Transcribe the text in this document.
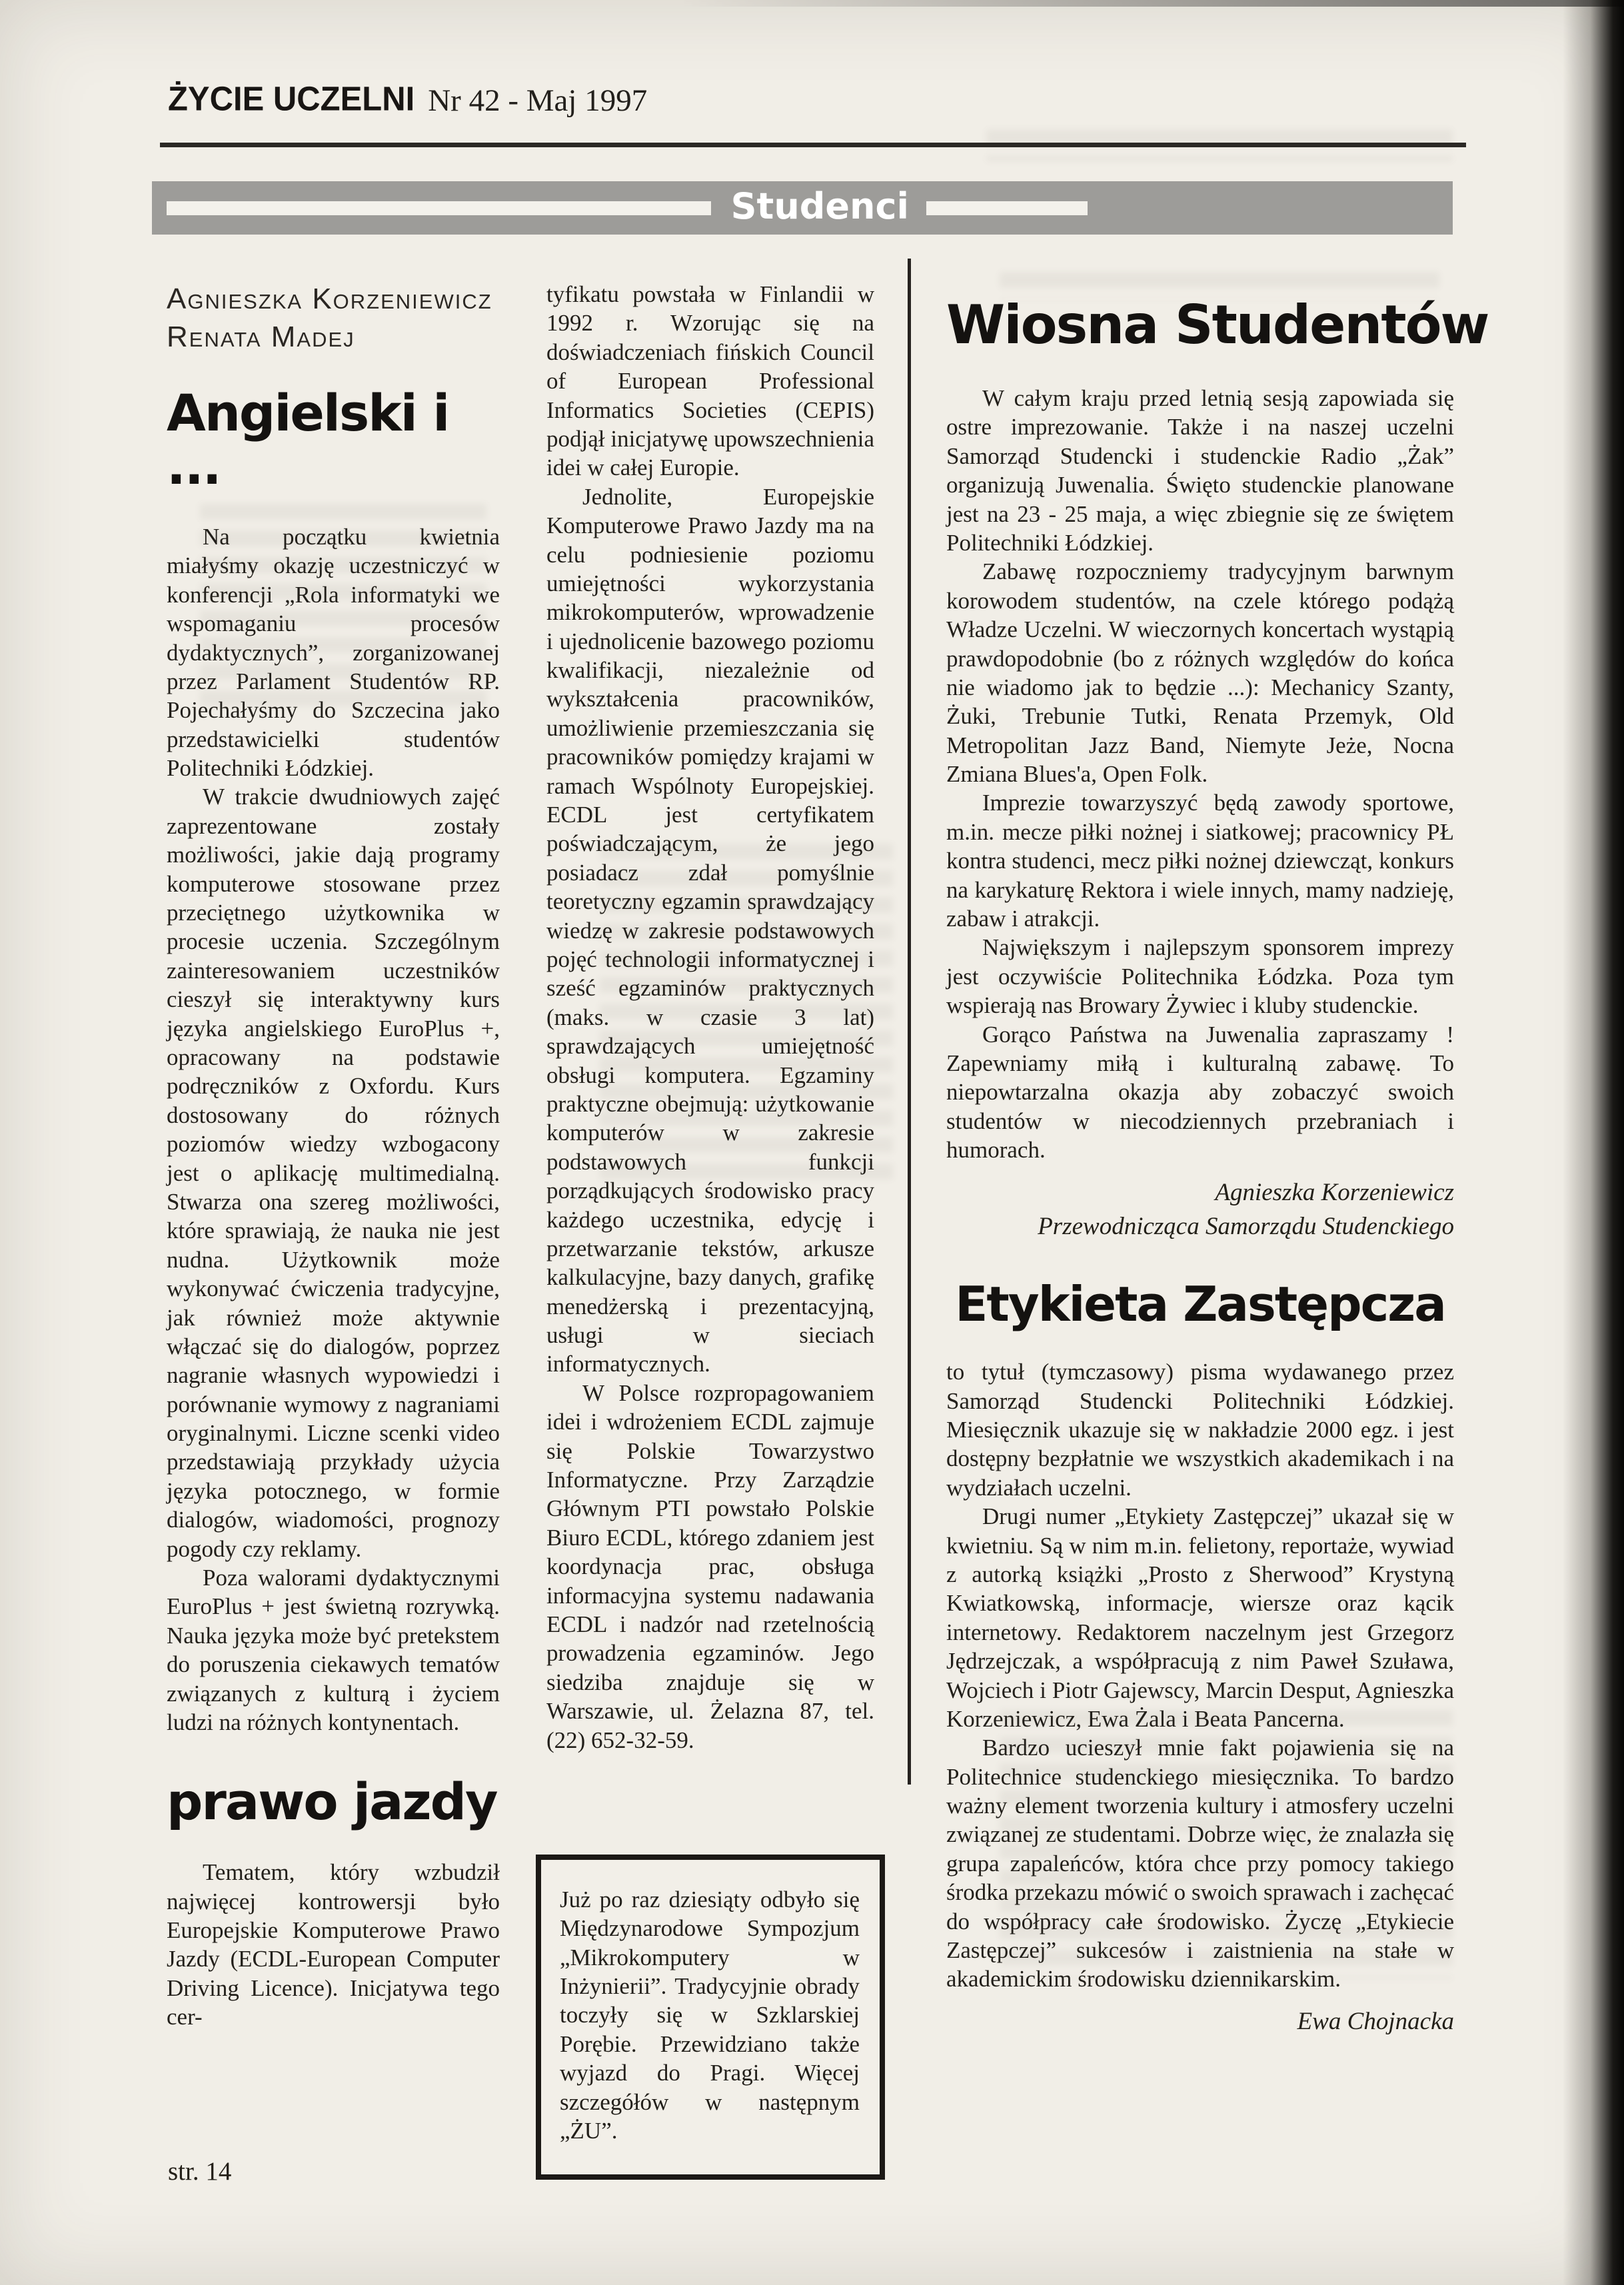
ŻYCIE UCZELNI Nr 42 - Maj 1997
Studenci
Agnieszka Korzeniewicz
Renata Madej
Angielski i ...

Na początku kwietnia miałyśmy okazję uczestniczyć w konferencji „Rola informatyki we wspomaganiu procesów dydaktycznych”, zorganizowanej przez Parlament Studentów RP. Pojechałyśmy do Szczecina jako przedstawicielki studentów Politechniki Łódzkiej.

W trakcie dwudniowych zajęć zaprezentowane zostały możliwości, jakie dają programy komputerowe stosowane przez przeciętnego użytkownika w procesie uczenia. Szczególnym zainteresowaniem uczestników cieszył się interaktywny kurs języka angielskiego EuroPlus +, opracowany na podstawie podręczników z Oxfordu. Kurs dostosowany do różnych poziomów wiedzy wzbogacony jest o aplikację multimedialną. Stwarza ona szereg możliwości, które sprawiają, że nauka nie jest nudna. Użytkownik może wykonywać ćwiczenia tradycyjne, jak również może aktywnie włączać się do dialogów, poprzez nagranie własnych wypowiedzi i porównanie wymowy z nagraniami oryginalnymi. Liczne scenki video przedstawiają przykłady użycia języka potocznego, w formie dialogów, wiadomości, prognozy pogody czy reklamy.

Poza walorami dydaktycznymi EuroPlus + jest świetną rozrywką. Nauka języka może być pretekstem do poruszenia ciekawych tematów związanych z kulturą i życiem ludzi na różnych kontynentach.

prawo jazdy

Tematem, który wzbudził najwięcej kontrowersji było Europejskie Komputerowe Prawo Jazdy (ECDL-European Computer Driving Licence). Inicjatywa tego cer-

tyfikatu powstała w Finlandii w 1992 r. Wzorując się na doświadczeniach fińskich Council of European Professional Informatics Societies (CEPIS) podjął inicjatywę upowszechnienia idei w całej Europie.

Jednolite, Europejskie Komputerowe Prawo Jazdy ma na celu podniesienie poziomu umiejętności wykorzystania mikrokomputerów, wprowadzenie i ujednolicenie bazowego poziomu kwalifikacji, niezależnie od wykształcenia pracowników, umożliwienie przemieszczania się pracowników pomiędzy krajami w ramach Wspólnoty Europejskiej. ECDL jest certyfikatem poświadczającym, że jego posiadacz zdał pomyślnie teoretyczny egzamin sprawdzający wiedzę w zakresie podstawowych pojęć technologii informatycznej i sześć egzaminów praktycznych (maks. w czasie 3 lat) sprawdzających umiejętność obsługi komputera. Egzaminy praktyczne obejmują: użytkowanie komputerów w zakresie podstawowych funkcji porządkujących środowisko pracy każdego uczestnika, edycję i przetwarzanie tekstów, arkusze kalkulacyjne, bazy danych, grafikę menedżerską i prezentacyjną, usługi w sieciach informatycznych.

W Polsce rozpropagowaniem idei i wdrożeniem ECDL zajmuje się Polskie Towarzystwo Informatyczne. Przy Zarządzie Głównym PTI powstało Polskie Biuro ECDL, którego zdaniem jest koordynacja prac, obsługa informacyjna systemu nadawania ECDL i nadzór nad rzetelnością prowadzenia egzaminów. Jego siedziba znajduje się w Warszawie, ul. Żelazna 87, tel. (22) 652-32-59.

Już po raz dziesiąty odbyło się Międzynarodowe Sympozjum „Mikrokomputery w Inżynierii”. Tradycyjnie obrady toczyły się w Szklarskiej Porębie. Przewidziano także wyjazd do Pragi. Więcej szczegółów w następnym „ŻU”.

Wiosna Studentów

W całym kraju przed letnią sesją zapowiada się ostre imprezowanie. Także i na naszej uczelni Samorząd Studencki i studenckie Radio „Żak” organizują Juwenalia. Święto studenckie planowane jest na 23 - 25 maja, a więc zbiegnie się ze świętem Politechniki Łódzkiej.

Zabawę rozpoczniemy tradycyjnym barwnym korowodem studentów, na czele którego podążą Władze Uczelni. W wieczornych koncertach wystąpią prawdopodobnie (bo z różnych względów do końca nie wiadomo jak to będzie ...): Mechanicy Szanty, Żuki, Trebunie Tutki, Renata Przemyk, Old Metropolitan Jazz Band, Niemyte Jeże, Nocna Zmiana Blues'a, Open Folk.

Imprezie towarzyszyć będą zawody sportowe, m.in. mecze piłki nożnej i siatkowej; pracownicy PŁ kontra studenci, mecz piłki nożnej dziewcząt, konkurs na karykaturę Rektora i wiele innych, mamy nadzieję, zabaw i atrakcji.

Największym i najlepszym sponsorem imprezy jest oczywiście Politechnika Łódzka. Poza tym wspierają nas Browary Żywiec i kluby studenckie.

Gorąco Państwa na Juwenalia zapraszamy ! Zapewniamy miłą i kulturalną zabawę. To niepowtarzalna okazja aby zobaczyć swoich studentów w niecodziennych przebraniach i humorach.

Agnieszka Korzeniewicz
Przewodnicząca Samorządu Studenckiego
Etykieta Zastępcza

to tytuł (tymczasowy) pisma wydawanego przez Samorząd Studencki Politechniki Łódzkiej. Miesięcznik ukazuje się w nakładzie 2000 egz. i jest dostępny bezpłatnie we wszystkich akademikach i na wydziałach uczelni.

Drugi numer „Etykiety Zastępczej” ukazał się w kwietniu. Są w nim m.in. felietony, reportaże, wywiad z autorką książki „Prosto z Sherwood” Krystyną Kwiatkowską, informacje, wiersze oraz kącik internetowy. Redaktorem naczelnym jest Grzegorz Jędrzejczak, a współpracują z nim Paweł Szuława, Wojciech i Piotr Gajewscy, Marcin Desput, Agnieszka Korzeniewicz, Ewa Żala i Beata Pancerna.

Bardzo ucieszył mnie fakt pojawienia się na Politechnice studenckiego miesięcznika. To bardzo ważny element tworzenia kultury i atmosfery uczelni związanej ze studentami. Dobrze więc, że znalazła się grupa zapaleńców, która chce przy pomocy takiego środka przekazu mówić o swoich sprawach i zachęcać do współpracy całe środowisko. Życzę „Etykiecie Zastępczej” sukcesów i zaistnienia na stałe w akademickim środowisku dziennikarskim.

Ewa Chojnacka
str. 14
